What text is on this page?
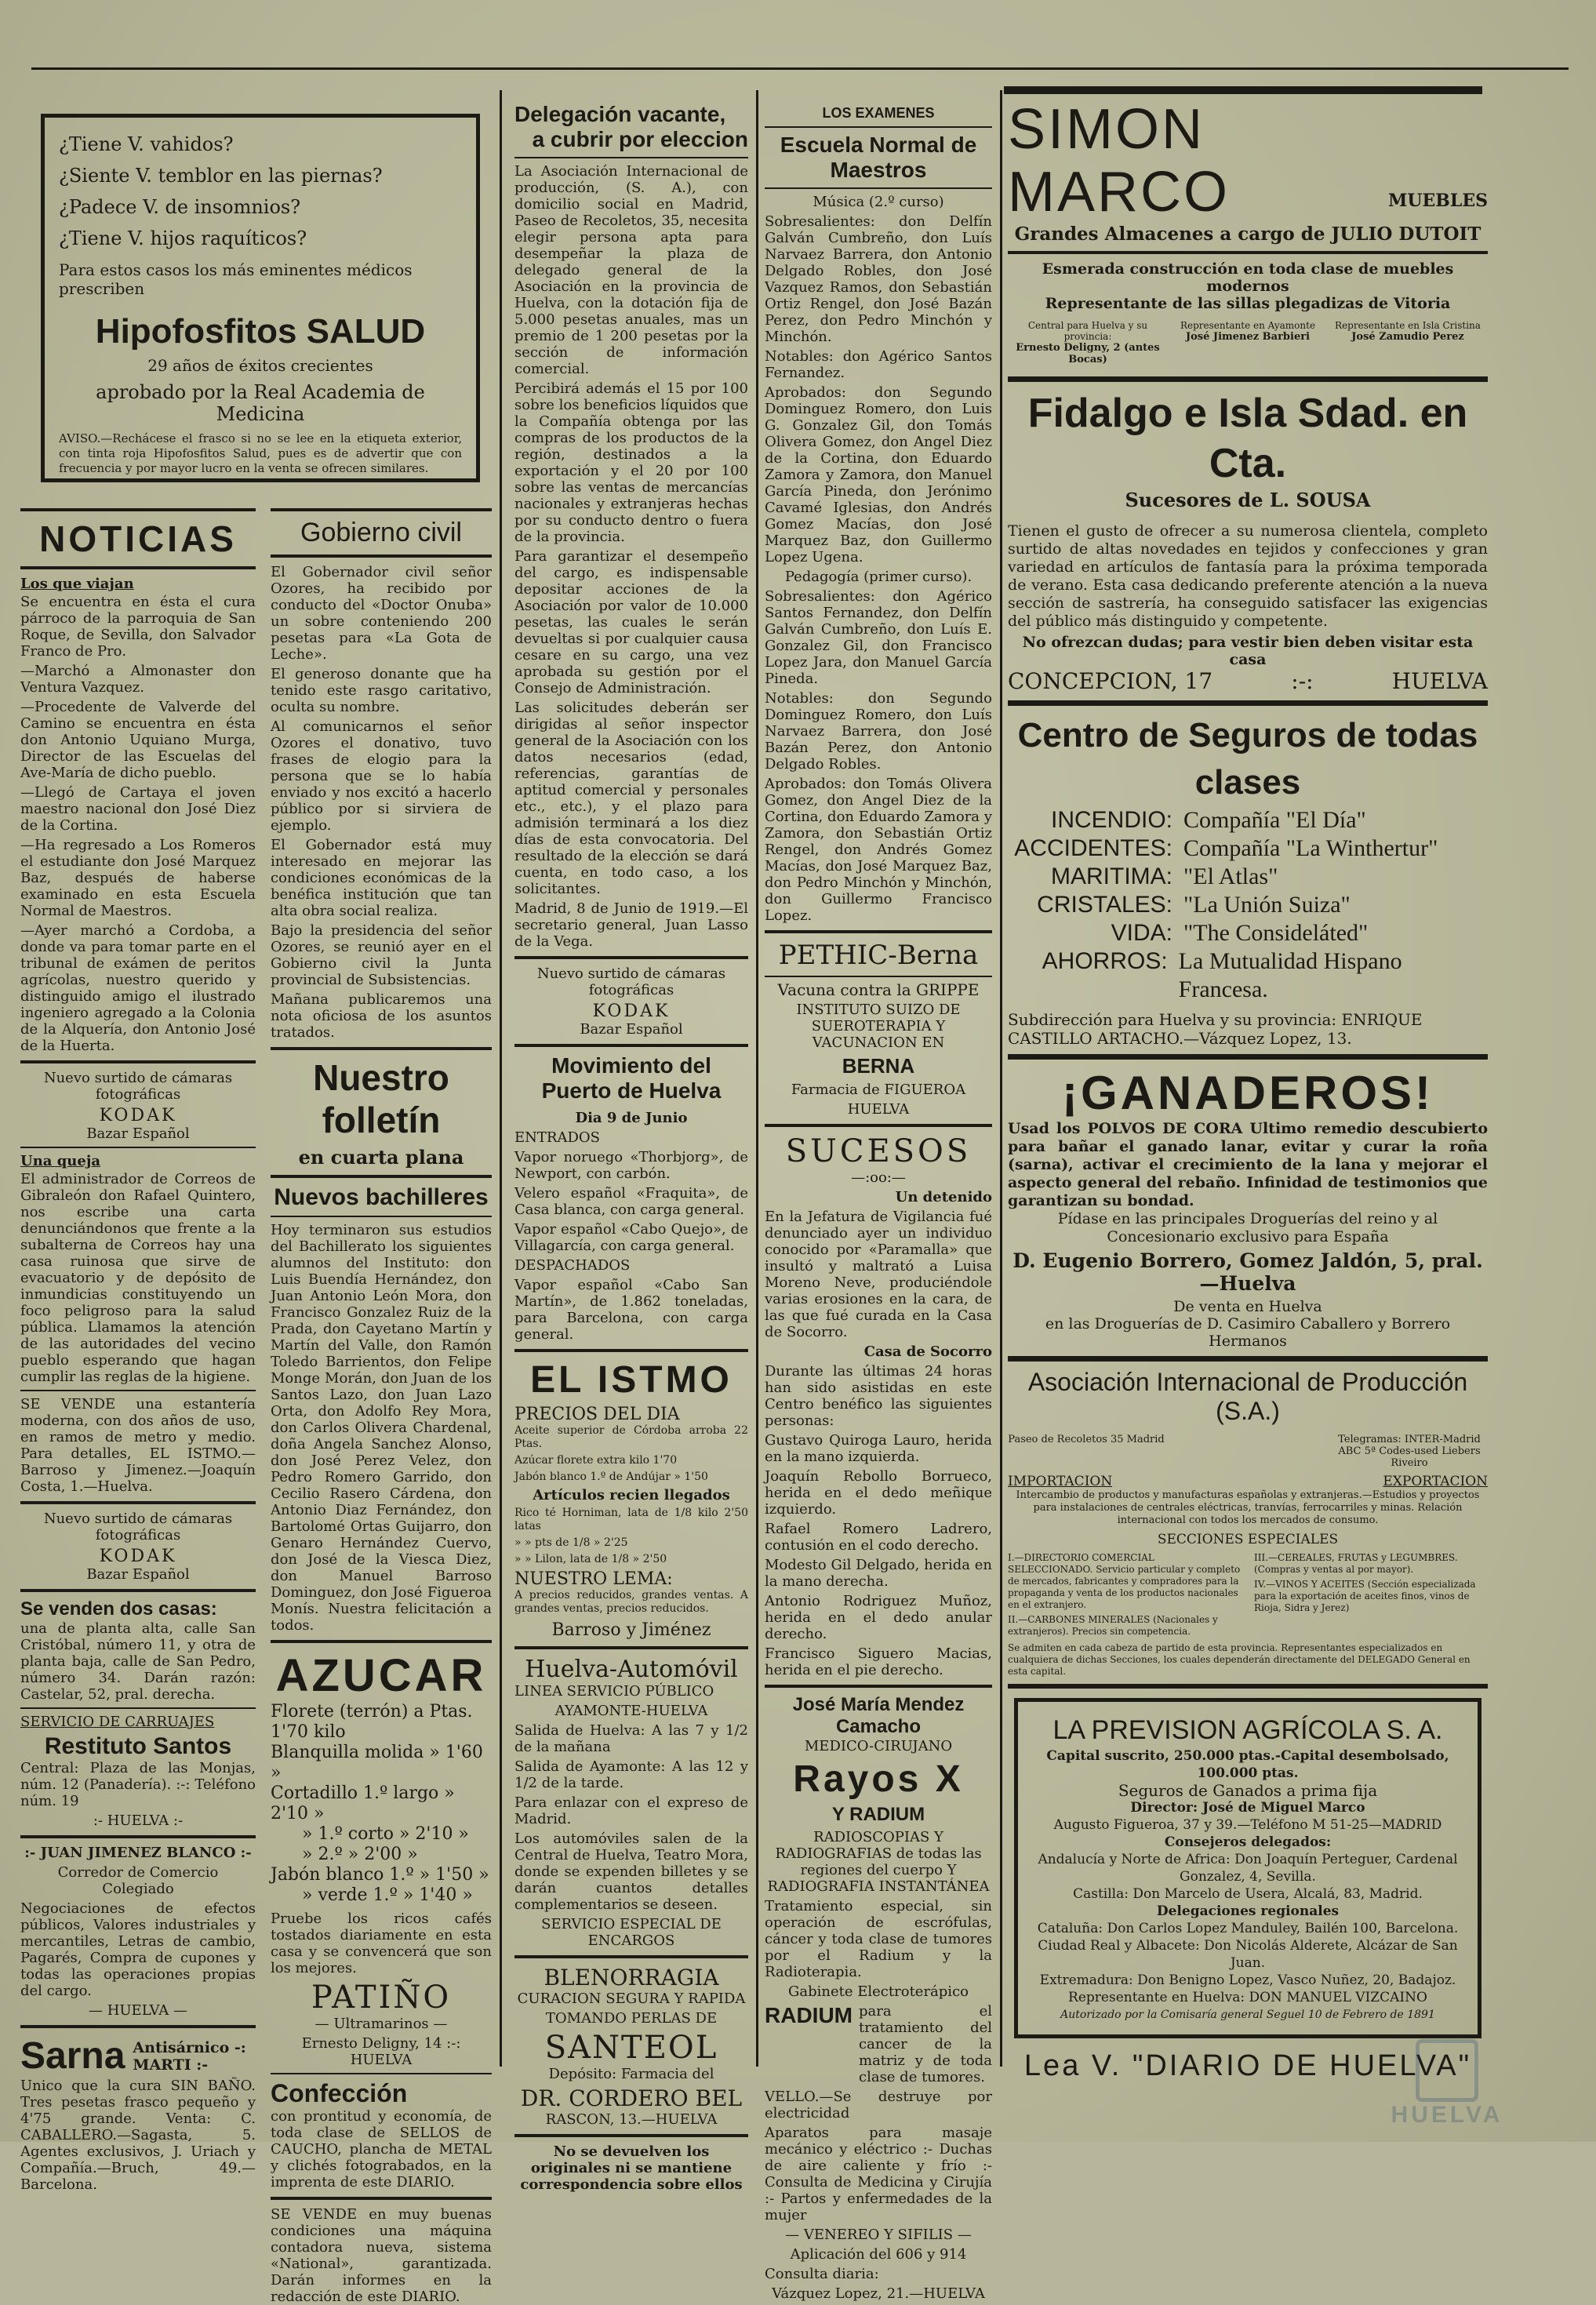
¿Tiene V. vahidos?
¿Siente V. temblor en las piernas?
¿Padece V. de insomnios?
¿Tiene V. hijos raquíticos?
Para estos casos los más eminentes médicos prescriben
Hipofosfitos SALUD
29 años de éxitos crecientes
aprobado por la Real Academia de Medicina
AVISO.—Rechácese el frasco si no se lee en la etiqueta exterior, con tinta roja Hipofosfitos Salud, pues es de advertir que con frecuencia y por mayor lucro en la venta se ofrecen similares.
NOTICIAS
Los que viajan

Se encuentra en ésta el cura párroco de la parroquia de San Roque, de Sevilla, don Salvador Franco de Pro.

—Marchó a Almonaster don Ventura Vazquez.

—Procedente de Valverde del Camino se encuentra en ésta don Antonio Uquiano Murga, Director de las Escuelas del Ave-María de dicho pueblo.

—Llegó de Cartaya el joven maestro nacional don José Diez de la Cortina.

—Ha regresado a Los Romeros el estudiante don José Marquez Baz, después de haberse examinado en esta Escuela Normal de Maestros.

—Ayer marchó a Cordoba, a donde va para tomar parte en el tribunal de exámen de peritos agrícolas, nuestro querido y distinguido amigo el ilustrado ingeniero agregado a la Colonia de la Alquería, don Antonio José de la Huerta.

Nuevo surtido de cámaras fotográficas

KODAK

Bazar Español

Una queja

El administrador de Correos de Gibraleón don Rafael Quintero, nos escribe una carta denunciándonos que frente a la subalterna de Correos hay una casa ruinosa que sirve de evacuatorio y de depósito de inmundicias constituyendo un foco peligroso para la salud pública. Llamamos la atención de las autoridades del vecino pueblo esperando que hagan cumplir las reglas de la higiene.

SE VENDE una estantería moderna, con dos años de uso, en ramos de metro y medio. Para detalles, EL ISTMO.—Barroso y Jimenez.—Joaquín Costa, 1.—Huelva.

Nuevo surtido de cámaras fotográficas

KODAK

Bazar Español

Se venden dos casas:

una de planta alta, calle San Cristóbal, número 11, y otra de planta baja, calle de San Pedro, número 34. Darán razón: Castelar, 52, pral. derecha.

SERVICIO DE CARRUAJES

Restituto Santos

Central: Plaza de las Monjas, núm. 12 (Panadería). :-: Teléfono núm. 19

:- HUELVA :-

:- JUAN JIMENEZ BLANCO :-

Corredor de Comercio Colegiado

Negociaciones de efectos públicos, Valores industriales y mercantiles, Letras de cambio, Pagarés, Compra de cupones y todas las operaciones propias del cargo.

— HUELVA —

Sarna Antisárnico -: MARTI :-

Unico que la cura SIN BAÑO. Tres pesetas frasco pequeño y 4'75 grande. Venta: C. CABALLERO.—Sagasta, 5. Agentes exclusivos, J. Uriach y Compañía.—Bruch, 49.—Barcelona.

Gobierno civil

El Gobernador civil señor Ozores, ha recibido por conducto del «Doctor Onuba» un sobre conteniendo 200 pesetas para «La Gota de Leche».

El generoso donante que ha tenido este rasgo caritativo, oculta su nombre.

Al comunicarnos el señor Ozores el donativo, tuvo frases de elogio para la persona que se lo había enviado y nos excitó a hacerlo público por si sirviera de ejemplo.

El Gobernador está muy interesado en mejorar las condiciones económicas de la benéfica institución que tan alta obra social realiza.

Bajo la presidencia del señor Ozores, se reunió ayer en el Gobierno civil la Junta provincial de Subsistencias.

Mañana publicaremos una nota oficiosa de los asuntos tratados.

Nuestro folletín
en cuarta plana
Nuevos bachilleres

Hoy terminaron sus estudios del Bachillerato los siguientes alumnos del Instituto: don Luis Buendía Hernández, don Juan Antonio León Mora, don Francisco Gonzalez Ruiz de la Prada, don Cayetano Martín y Martín del Valle, don Ramón Toledo Barrientos, don Felipe Monge Morán, don Juan de los Santos Lazo, don Juan Lazo Orta, don Adolfo Rey Mora, don Carlos Olivera Chardenal, doña Angela Sanchez Alonso, don José Perez Velez, don Pedro Romero Garrido, don Cecilio Rasero Cárdena, don Antonio Diaz Fernández, don Bartolomé Ortas Guijarro, don Genaro Hernández Cuervo, don José de la Viesca Diez, don Manuel Barroso Dominguez, don José Figueroa Monís. Nuestra felicitación a todos.

AZUCAR
Florete (terrón) a Ptas. 1'70 kilo
Blanquilla molida » 1'60 »
Cortadillo 1.º largo » 2'10 »
» 1.º corto » 2'10 »
» 2.º » 2'00 »
Jabón blanco 1.º » 1'50 »
» verde 1.º » 1'40 »

Pruebe los ricos cafés tostados diariamente en esta casa y se convencerá que son los mejores.

PATIÑO

— Ultramarinos —

Ernesto Deligny, 14 :-: HUELVA

Confección

con prontitud y economía, de toda clase de SELLOS de CAUCHO, plancha de METAL y clichés fotograbados, en la imprenta de este DIARIO.

SE VENDE en muy buenas condiciones una máquina contadora nueva, sistema «National», garantizada. Darán informes en la redacción de este DIARIO.

Delegación vacante,
a cubrir por eleccion

La Asociación Internacional de producción, (S. A.), con domicilio social en Madrid, Paseo de Recoletos, 35, necesita elegir persona apta para desempeñar la plaza de delegado general de la Asociación en la provincia de Huelva, con la dotación fija de 5.000 pesetas anuales, mas un premio de 1 200 pesetas por la sección de información comercial.

Percibirá además el 15 por 100 sobre los beneficios líquidos que la Compañía obtenga por las compras de los productos de la región, destinados a la exportación y el 20 por 100 sobre las ventas de mercancías nacionales y extranjeras hechas por su conducto dentro o fuera de la provincia.

Para garantizar el desempeño del cargo, es indispensable depositar acciones de la Asociación por valor de 10.000 pesetas, las cuales le serán devueltas si por cualquier causa cesare en su cargo, una vez aprobada su gestión por el Consejo de Administración.

Las solicitudes deberán ser dirigidas al señor inspector general de la Asociación con los datos necesarios (edad, referencias, garantías de aptitud comercial y personales etc., etc.), y el plazo para admisión terminará a los diez días de esta convocatoria. Del resultado de la elección se dará cuenta, en todo caso, a los solicitantes.

Madrid, 8 de Junio de 1919.—El secretario general, Juan Lasso de la Vega.

Nuevo surtido de cámaras fotográficas

KODAK

Bazar Español

Movimiento del Puerto de Huelva

Dia 9 de Junio

ENTRADOS

Vapor noruego «Thorbjorg», de Newport, con carbón.

Velero español «Fraquita», de Casa blanca, con carga general.

Vapor español «Cabo Quejo», de Villagarcía, con carga general.

DESPACHADOS

Vapor español «Cabo San Martín», de 1.862 toneladas, para Barcelona, con carga general.

EL ISTMO
PRECIOS DEL DIA

Aceite superior de Córdoba arroba 22 Ptas.

Azúcar florete extra kilo 1'70

Jabón blanco 1.º de Andújar » 1'50

Artículos recien llegados

Rico té Horniman, lata de 1/8 kilo 2'50 latas

» » pts de 1/8 » 2'25

» » Lilon, lata de 1/8 » 2'50

NUESTRO LEMA:

A precios reducidos, grandes ventas. A grandes ventas, precios reducidos.

Barroso y Jiménez
Huelva-Automóvil

LINEA SERVICIO PÚBLICO

AYAMONTE-HUELVA

Salida de Huelva: A las 7 y 1/2 de la mañana

Salida de Ayamonte: A las 12 y 1/2 de la tarde.

Para enlazar con el expreso de Madrid.

Los automóviles salen de la Central de Huelva, Teatro Mora, donde se expenden billetes y se darán cuantos detalles complementarios se deseen.

SERVICIO ESPECIAL DE ENCARGOS

BLENORRAGIA

CURACION SEGURA Y RAPIDA

TOMANDO PERLAS DE

SANTEOL

Depósito: Farmacia del

DR. CORDERO BEL

RASCON, 13.—HUELVA

No se devuelven los originales ni se mantiene correspondencia sobre ellos

LOS EXAMENES
Escuela Normal de Maestros

Música (2.º curso)

Sobresalientes: don Delfín Galván Cumbreño, don Luís Narvaez Barrera, don Antonio Delgado Robles, don José Vazquez Ramos, don Sebastián Ortiz Rengel, don José Bazán Perez, don Pedro Minchón y Minchón.

Notables: don Agérico Santos Fernandez.

Aprobados: don Segundo Dominguez Romero, don Luis G. Gonzalez Gil, don Tomás Olivera Gomez, don Angel Diez de la Cortina, don Eduardo Zamora y Zamora, don Manuel García Pineda, don Jerónimo Cavamé Iglesias, don Andrés Gomez Macías, don José Marquez Baz, don Guillermo Lopez Ugena.

Pedagogía (primer curso).

Sobresalientes: don Agérico Santos Fernandez, don Delfín Galván Cumbreño, don Luís E. Gonzalez Gil, don Francisco Lopez Jara, don Manuel García Pineda.

Notables: don Segundo Dominguez Romero, don Luís Narvaez Barrera, don José Bazán Perez, don Antonio Delgado Robles.

Aprobados: don Tomás Olivera Gomez, don Angel Diez de la Cortina, don Eduardo Zamora y Zamora, don Sebastián Ortiz Rengel, don Andrés Gomez Macías, don José Marquez Baz, don Pedro Minchón y Minchón, don Guillermo Francisco Lopez.

PETHIC-Berna

Vacuna contra la GRIPPE

INSTITUTO SUIZO DE SUEROTERAPIA Y VACUNACION EN

BERNA

Farmacia de FIGUEROA

HUELVA

SUCESOS

—:oo:—

Un detenido

En la Jefatura de Vigilancia fué denunciado ayer un individuo conocido por «Paramalla» que insultó y maltrató a Luisa Moreno Neve, produciéndole varias erosiones en la cara, de las que fué curada en la Casa de Socorro.

Casa de Socorro

Durante las últimas 24 horas han sido asistidas en este Centro benéfico las siguientes personas:

Gustavo Quiroga Lauro, herida en la mano izquierda.

Joaquín Rebollo Borrueco, herida en el dedo meñique izquierdo.

Rafael Romero Ladrero, contusión en el codo derecho.

Modesto Gil Delgado, herida en la mano derecha.

Antonio Rodriguez Muñoz, herida en el dedo anular derecho.

Francisco Siguero Macias, herida en el pie derecho.

José María Mendez Camacho

MEDICO-CIRUJANO

Rayos X
Y RADIUM

RADIOSCOPIAS Y RADIOGRAFIAS de todas las regiones del cuerpo Y RADIOGRAFIA INSTANTÁNEA

Tratamiento especial, sin operación de escrófulas, cáncer y toda clase de tumores por el Radium y la Radioterapia.

Gabinete Electroterápico

RADIUM para el tratamiento del cancer de la matriz y de toda clase de tumores.

VELLO.—Se destruye por electricidad

Aparatos para masaje mecánico y eléctrico :- Duchas de aire caliente y frío :- Consulta de Medicina y Cirujía :- Partos y enfermedades de la mujer

— VENEREO Y SIFILIS —

Aplicación del 606 y 914

Consulta diaria:

Vázquez Lopez, 21.—HUELVA

SIMON MARCO	MUEBLES
Grandes Almacenes a cargo de JULIO DUTOIT
Esmerada construcción en toda clase de muebles modernos
Representante de las sillas plegadizas de Vitoria
Central para Huelva y su provincia:
Ernesto Deligny, 2 (antes Bocas)
Representante en Ayamonte
José Jimenez Barbieri
Representante en Isla Cristina
José Zamudio Perez
Fidalgo e Isla Sdad. en Cta.
Sucesores de L. SOUSA
Tienen el gusto de ofrecer a su numerosa clientela, completo surtido de altas novedades en tejidos y confecciones y gran variedad en artículos de fantasía para la próxima temporada de verano. Esta casa dedicando preferente atención a la nueva sección de sastrería, ha conseguido satisfacer las exigencias del público más distinguido y competente.
No ofrezcan dudas; para vestir bien deben visitar esta casa
CONCEPCION, 17	:-:	HUELVA
Centro de Seguros de todas clases
INCENDIO: Compañía "El Día"
ACCIDENTES: Compañía "La Winthertur"
MARITIMA: "El Atlas"
CRISTALES: "La Unión Suiza"
VIDA: "The Consideláted"
AHORROS: La Mutualidad Hispano Francesa.
Subdirección para Huelva y su provincia: ENRIQUE CASTILLO ARTACHO.—Vázquez Lopez, 13.
¡GANADEROS!
Usad los POLVOS DE CORA Ultimo remedio descubierto para bañar el ganado lanar, evitar y curar la roña (sarna), activar el crecimiento de la lana y mejorar el aspecto general del rebaño. Infinidad de testimonios que garantizan su bondad.
Pídase en las principales Droguerías del reino y al Concesionario exclusivo para España
D. Eugenio Borrero, Gomez Jaldón, 5, pral.—Huelva
De venta en Huelva
en las Droguerías de D. Casimiro Caballero y Borrero Hermanos
Asociación Internacional de Producción (S.A.)
Paseo de Recoletos 35 Madrid	Telegramas: INTER-Madrid ABC 5ª Codes-used Liebers Riveiro
IMPORTACION	EXPORTACION
Intercambio de productos y manufacturas españolas y extranjeras.—Estudios y proyectos para instalaciones de centrales eléctricas, tranvías, ferrocarriles y minas. Relación internacional con todos los mercados de consumo.
SECCIONES ESPECIALES
I.—DIRECTORIO COMERCIAL SELECCIONADO. Servicio particular y completo de mercados, fabricantes y compradores para la propaganda y venta de los productos nacionales en el extranjero.
II.—CARBONES MINERALES (Nacionales y extranjeros). Precios sin competencia.
III.—CEREALES, FRUTAS y LEGUMBRES. (Compras y ventas al por mayor).
IV.—VINOS Y ACEITES (Sección especializada para la exportación de aceites finos, vinos de Rioja, Sidra y Jerez)
Se admiten en cada cabeza de partido de esta provincia. Representantes especializados en cualquiera de dichas Secciones, los cuales dependerán directamente del DELEGADO General en esta capital.
LA PREVISION AGRÍCOLA S. A.
Capital suscrito, 250.000 ptas.-Capital desembolsado, 100.000 ptas.
Seguros de Ganados a prima fija
Director: José de Miguel Marco
Augusto Figueroa, 37 y 39.—Teléfono M 51-25—MADRID
Consejeros delegados:
Andalucía y Norte de Africa: Don Joaquín Perteguer, Cardenal Gonzalez, 4, Sevilla.
Castilla: Don Marcelo de Usera, Alcalá, 83, Madrid.
Delegaciones regionales
Cataluña: Don Carlos Lopez Manduley, Bailén 100, Barcelona.
Ciudad Real y Albacete: Don Nicolás Alderete, Alcázar de San Juan.
Extremadura: Don Benigno Lopez, Vasco Nuñez, 20, Badajoz.
Representante en Huelva: DON MANUEL VIZCAINO
Autorizado por la Comisaría general Seguel 10 de Febrero de 1891
Lea V. "DIARIO DE HUELVA"
HUELVA
